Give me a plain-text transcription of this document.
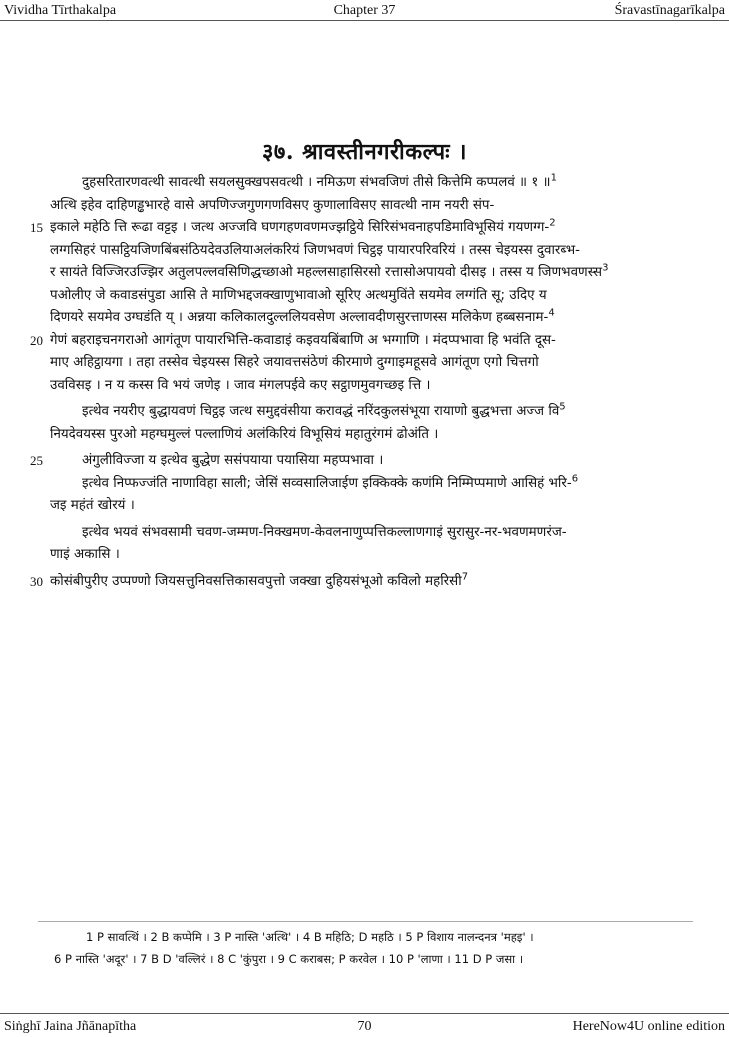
Vividha Tīrthakalpa	Chapter 37	Śravastīnagarīkalpa
३७. श्रावस्तीनगरीकल्पः ।
दुहसरितारणवत्थी सावत्थी सयलसुक्खपसवत्थी । नमिऊण संभवजिणं तीसे कित्तेमि कप्पलवं ॥ १ ॥$^1$
अत्थि इहेव दाहिणड्ढभारहे वासे अपणिज्जगुणगणविसए कुणालाविसए सावत्थी नाम नयरी संप-
15 इकाले महेठि त्ति रूढा वट्टइ । जत्थ अज्जवि घणगहणवणमज्झट्ठिये सिरिसंभवनाहपडिमाविभूसियं गयणग्ग-$^2$
लग्गसिहरं पासट्ठियजिणबिंबसंठियदेवउलियाअलंकरियं जिणभवणं चिट्ठइ पायारपरिवरियं । तस्स चेइयस्स दुवारब्भ-
र सायंते विज्जिरउज्झिर अतुलपल्लवसिणिद्धच्छाओ महल्लसाहासिरसो रत्तासोअपायवो दीसइ । तस्स य जिणभवणस्स$^3$
पओलीए जे कवाडसंपुडा आसि ते माणिभद्दजक्खाणुभावाओ सूरिए अत्थमुविंते सयमेव लग्गंति सू; उदिए य
दिणयरे सयमेव उग्घडंति य्‌ । अन्नया कलिकालदुल्ललियवसेण अल्लावदीणसुरत्ताणस्स मलिकेण हब्बसनाम-$^4$
20 गेणं बहराइचनगराओ आगंतूण पायारभित्ति-कवाडाइं कइवयबिंबाणि अ भग्गाणि । मंदप्पभावा हि भवंति दूस-
माए अहिट्ठायगा । तहा तस्सेव चेइयस्स सिहरे जयावत्तसंठेणं कीरमाणे दुग्गाइमहूसवे आगंतूण एगो चित्तगो
उवविसइ । न य कस्स वि भयं जणेइ । जाव मंगलपईवे कए सट्ठाणमुवगच्छइ त्ति ।
इत्थेव नयरीए बुद्धायवणं चिट्ठइ जत्थ समुद्दवंसीया करावद्धं नरिंदकुलसंभूया रायाणो बुद्धभत्ता अज्ज वि$^5$
नियदेवयस्स पुरओ महग्घमुल्लं पल्लाणियं अलंकिरियं विभूसियं महातुरंगमं ढोअंति ।
25	अंगुलीविज्जा य इत्थेव बुद्धेण ससंपयाया पयासिया महप्पभावा ।
इत्थेव निप्फज्जंति नाणाविहा साली; जेसिं सव्वसालिजाईण इक्किक्के कणंमि निम्मिप्पमाणे आसिहं भरि-$^6$
जइ महंतं खोरयं ।
इत्थेव भयवं संभवसामी चवण-जम्मण-निक्खमण-केवलनाणुप्पत्तिकल्लाणगाइं सुरासुर-नर-भवणमणरंज-
णाइं अकासि ।
30 कोसंबीपुरीए उप्पण्णो जियसत्तुनिवसत्तिकासवपुत्तो जक्खा दुहियसंभूओ कविलो महरिसी$^7$
1 P सावत्थिं । 2 B कप्पेमि । 3 P नास्ति 'अत्थि' । 4 B महिठि; D महठि । 5 P विशाय नालन्दनत्र 'महइ' ।
6 P नास्ति 'अदूर' । 7 B D 'वल्लिरं । 8 C 'कुंपुरा । 9 C कराबस; P करवेल । 10 P 'लाणा । 11 D P जसा ।
Siṅghī Jaina Jñānapītha	70	HereNow4U online edition
